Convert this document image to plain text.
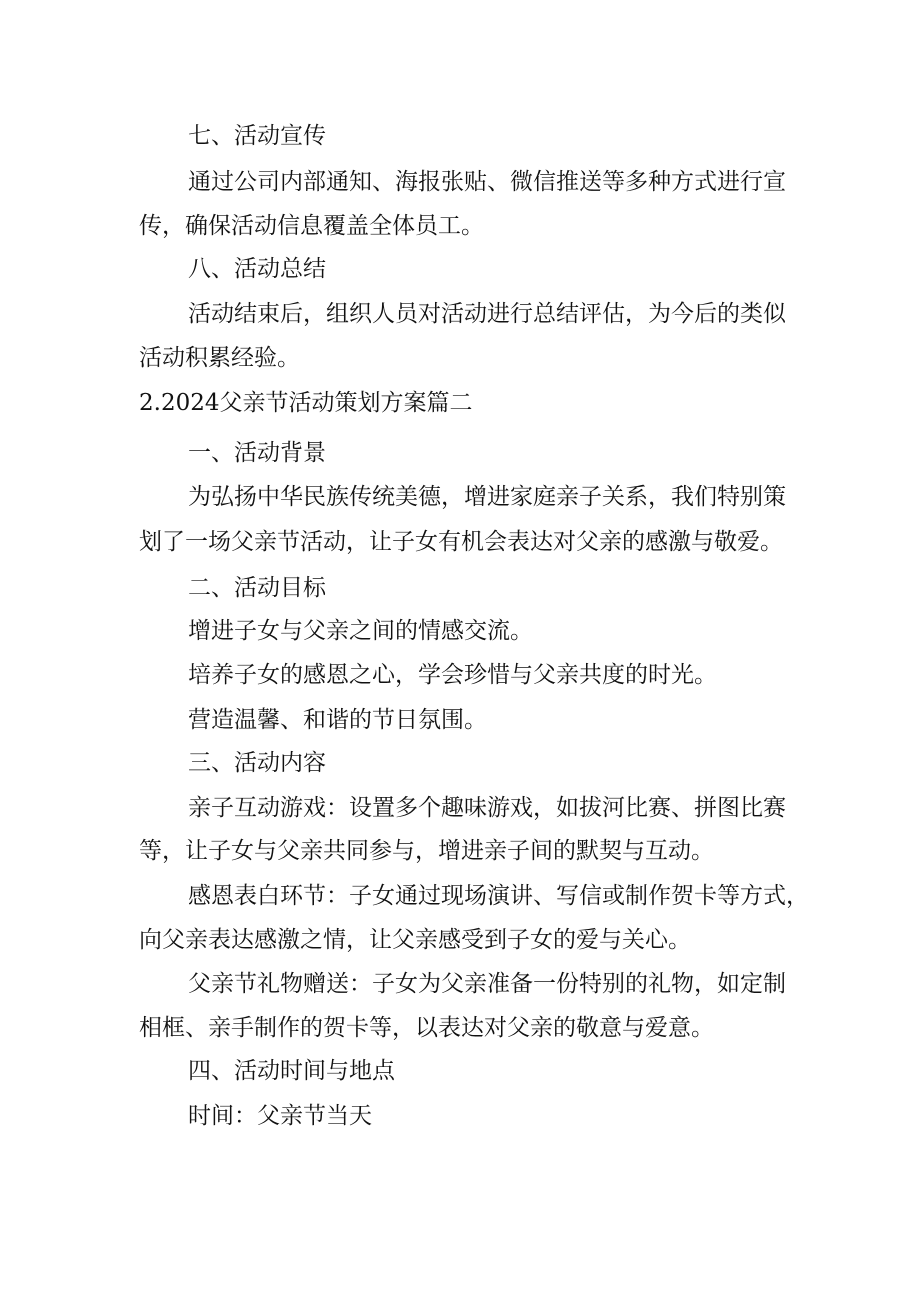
七、活动宣传
通过公司内部通知、海报张贴、微信推送等多种方式进行宣
传，确保活动信息覆盖全体员工。
八、活动总结
活动结束后，组织人员对活动进行总结评估，为今后的类似
活动积累经验。
2.2024父亲节活动策划方案篇二
一、活动背景
为弘扬中华民族传统美德，增进家庭亲子关系，我们特别策
划了一场父亲节活动，让子女有机会表达对父亲的感激与敬爱。
二、活动目标
增进子女与父亲之间的情感交流。
培养子女的感恩之心，学会珍惜与父亲共度的时光。
营造温馨、和谐的节日氛围。
三、活动内容
亲子互动游戏：设置多个趣味游戏，如拔河比赛、拼图比赛
等，让子女与父亲共同参与，增进亲子间的默契与互动。
感恩表白环节：子女通过现场演讲、写信或制作贺卡等方式，
向父亲表达感激之情，让父亲感受到子女的爱与关心。
父亲节礼物赠送：子女为父亲准备一份特别的礼物，如定制
相框、亲手制作的贺卡等，以表达对父亲的敬意与爱意。
四、活动时间与地点
时间：父亲节当天
